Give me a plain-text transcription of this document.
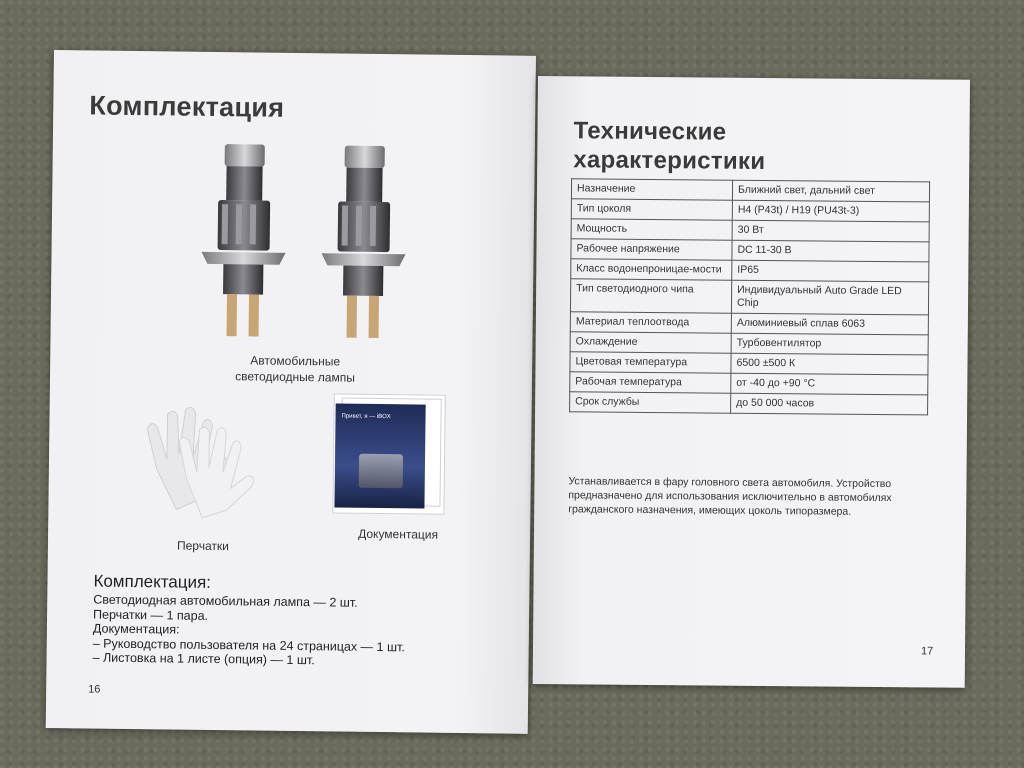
Комплектация
Автомобильные
светодиодные лампы
Перчатки
Привет, я — iBOX
Документация
Комплектация:
Светодиодная автомобильная лампа — 2 шт.
Перчатки — 1 пара.
Документация:
– Руководство пользователя на 24 страницах — 1 шт.
– Листовка на 1 листе (опция) — 1 шт.
16
Технические
характеристики
Назначение	Ближний свет, дальний свет
Тип цоколя	H4 (P43t) / H19 (PU43t-3)
Мощность	30 Вт
Рабочее напряжение	DC 11-30 В
Класс водонепроницае-мости	IP65
Тип светодиодного чипа	Индивидуальный Auto Grade LED Chip
Материал теплоотвода	Алюминиевый сплав 6063
Охлаждение	Турбовентилятор
Цветовая температура	6500 ±500 К
Рабочая температура	от -40 до +90 °C
Срок службы	до 50 000 часов
Устанавливается в фару головного света автомобиля. Устройство предназначено для использования исключительно в автомобилях гражданского назначения, имеющих цоколь типоразмера.
17
